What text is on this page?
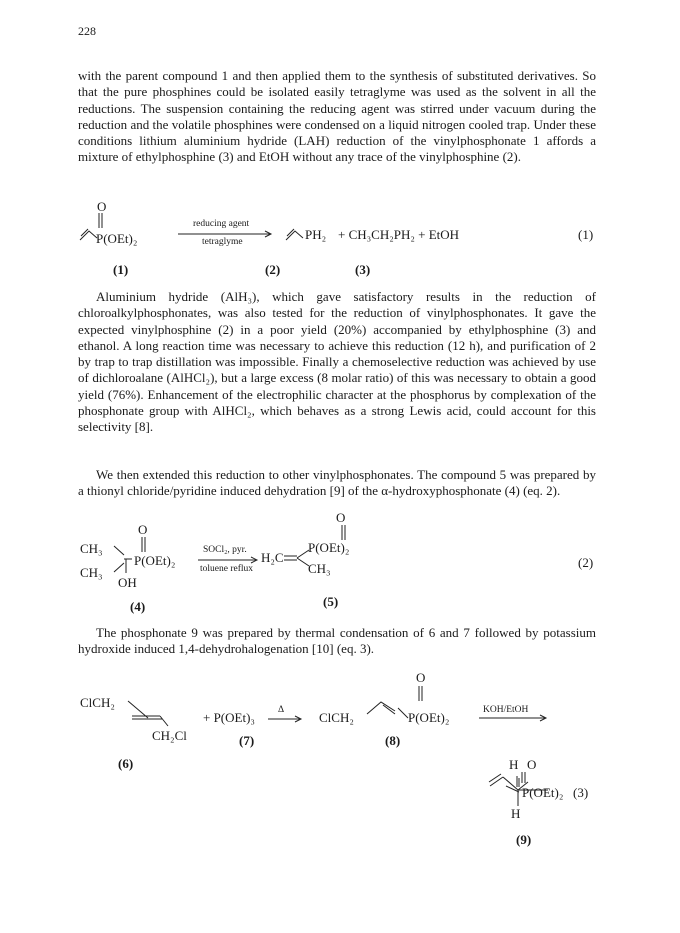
228

with the parent compound 1 and then applied them to the synthesis of substituted derivatives. So that the pure phosphines could be isolated easily tetraglyme was used as the solvent in all the reductions. The suspension containing the reducing agent was stirred under vacuum during the reduction and the volatile phosphines were condensed on a liquid nitrogen cooled trap. Under these conditions lithium aluminium hydride (LAH) reduction of the vinylphosphonate 1 affords a mixture of ethylphosphine (3) and EtOH without any trace of the vinylphosphine (2).

O
P(OEt)₂
reducing agent
tetraglyme	PH₂ + CH₃CH₂PH₂ + EtOH	(1)
(1)	(2)	(3)

Aluminium hydride (AlH₃), which gave satisfactory results in the reduction of chloroalkylphosphonates, was also tested for the reduction of vinylphosphonates. It gave the expected vinylphosphine (2) in a poor yield (20%) accompanied by ethylphosphine (3) and ethanol. A long reaction time was necessary to achieve this reduction (12 h), and purification of 2 by trap to trap distillation was impossible. Finally a chemoselective reduction was achieved by use of dichloroalane (AlHCl₂), but a large excess (8 molar ratio) of this was necessary to obtain a good yield (76%). Enhancement of the electrophilic character at the phosphorus by complexation of the phosphonate group with AlHCl₂, which behaves as a strong Lewis acid, could account for this selectivity [8].

We then extended this reduction to other vinylphosphonates. The compound 5 was prepared by a thionyl chloride/pyridine induced dehydration [9] of the α-hydroxyphosphonate (4) (eq. 2).

O
CH₃
CH₃
P(OEt)₂
OH
SOCl₂, pyr.
toluene reflux
H₂C
O
P(OEt)₂
CH₃	(2)
(4)	(5)

The phosphonate 9 was prepared by thermal condensation of 6 and 7 followed by potassium hydroxide induced 1,4-dehydrohalogenation [10] (eq. 3).

ClCH₂
CH₂Cl
+ P(OEt)₃ Δ	ClCH₂
O
P(OEt)₂	KOH/EtOH
(7)	(8)
(6)	H O
P(OEt)₂
H
(3)
(9)
